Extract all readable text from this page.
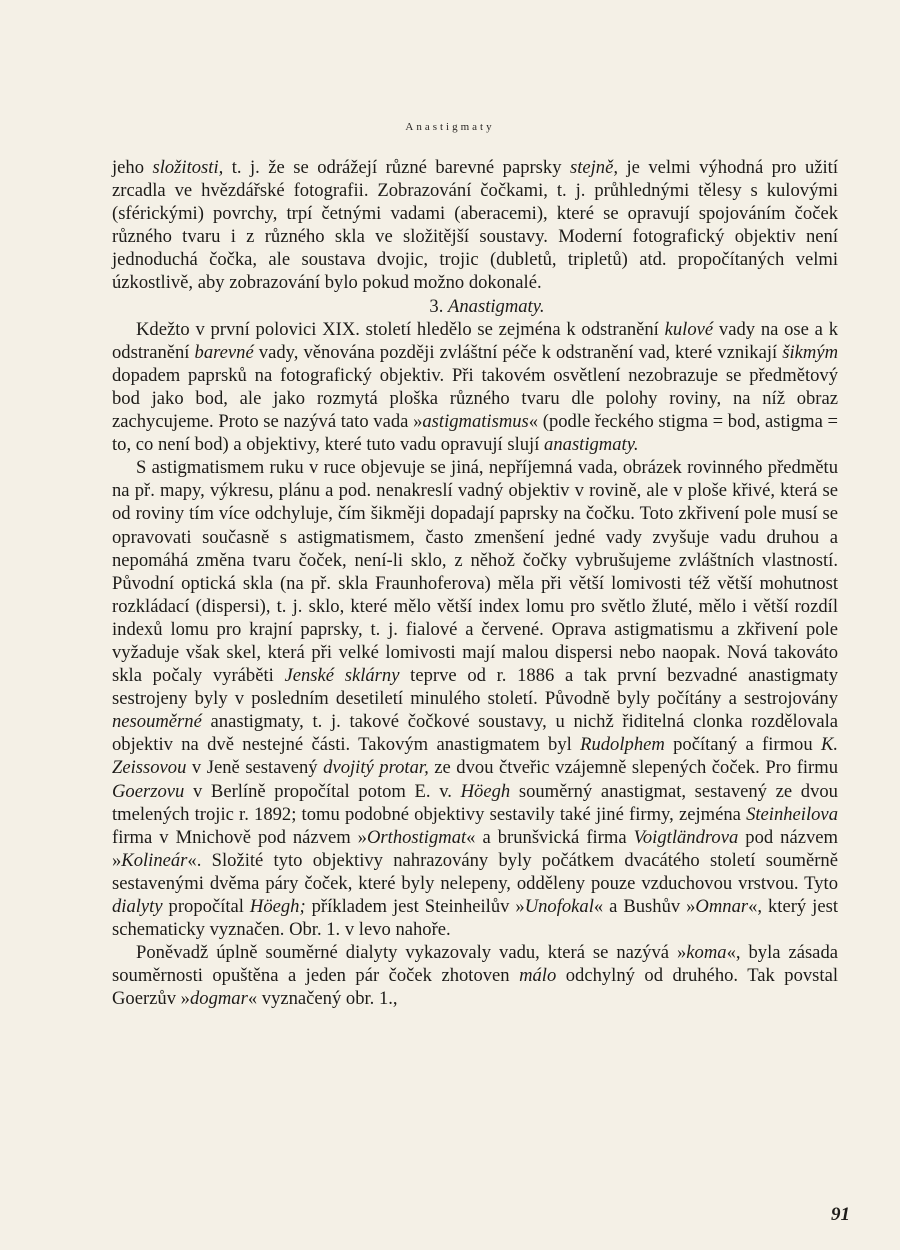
Anastigmaty

jeho složitosti, t. j. že se odrážejí různé barevné paprsky stejně, je velmi výhodná pro užití zrcadla ve hvězdářské fotografii. Zobrazování čočkami, t. j. průhlednými tělesy s kulovými (sférickými) povrchy, trpí četnými vadami (aberacemi), které se opravují spojováním čoček různého tvaru i z různého skla ve složitější soustavy. Moderní fotografický objektiv není jednoduchá čočka, ale soustava dvojic, trojic (dubletů, tripletů) atd. propočítaných velmi úzkostlivě, aby zobrazování bylo pokud možno dokonalé.

3. Anastigmaty.

Kdežto v první polovici XIX. století hledělo se zejména k odstranění kulové vady na ose a k odstranění barevné vady, věnována později zvláštní péče k odstranění vad, které vznikají šikmým dopadem paprsků na fotografický objektiv. Při takovém osvětlení nezobrazuje se předmětový bod jako bod, ale jako rozmytá ploška různého tvaru dle polohy roviny, na níž obraz zachycujeme. Proto se nazývá tato vada »astigmatismus« (podle řeckého stigma = bod, astigma = to, co není bod) a objektivy, které tuto vadu opravují slují anastigmaty.

S astigmatismem ruku v ruce objevuje se jiná, nepříjemná vada, obrázek rovinného předmětu na př. mapy, výkresu, plánu a pod. nenakreslí vadný objektiv v rovině, ale v ploše křivé, která se od roviny tím více odchyluje, čím šikměji dopadají paprsky na čočku. Toto zkřivení pole musí se opravovati současně s astigmatismem, často zmenšení jedné vady zvyšuje vadu druhou a nepomáhá změna tvaru čoček, není-li sklo, z něhož čočky vybrušujeme zvláštních vlastností. Původní optická skla (na př. skla Fraunhoferova) měla při větší lomivosti též větší mohutnost rozkládací (dispersi), t. j. sklo, které mělo větší index lomu pro světlo žluté, mělo i větší rozdíl indexů lomu pro krajní paprsky, t. j. fialové a červené. Oprava astigmatismu a zkřivení pole vyžaduje však skel, která při velké lomivosti mají malou dispersi nebo naopak. Nová takováto skla počaly vyráběti Jenské sklárny teprve od r. 1886 a tak první bezvadné anastigmaty sestrojeny byly v posledním desetiletí minulého století. Původně byly počítány a sestrojovány nesouměrné anastigmaty, t. j. takové čočkové soustavy, u nichž řiditelná clonka rozdělovala objektiv na dvě nestejné části. Takovým anastigmatem byl Rudolphem počítaný a firmou K. Zeissovou v Jeně sestavený dvojitý protar, ze dvou čtveřic vzájemně slepených čoček. Pro firmu Goerzovu v Berlíně propočítal potom E. v. Höegh souměrný anastigmat, sestavený ze dvou tmelených trojic r. 1892; tomu podobné objektivy sestavily také jiné firmy, zejména Steinheilova firma v Mnichově pod názvem »Orthostigmat« a brunšvická firma Voigtländrova pod názvem »Kolineár«. Složité tyto objektivy nahrazovány byly počátkem dvacátého století souměrně sestavenými dvěma páry čoček, které byly nelepeny, odděleny pouze vzduchovou vrstvou. Tyto dialyty propočítal Höegh; příkladem jest Steinheilův »Unofokal« a Bushův »Omnar«, který jest schematicky vyznačen. Obr. 1. v levo nahoře.

Poněvadž úplně souměrné dialyty vykazovaly vadu, která se nazývá »koma«, byla zásada souměrnosti opuštěna a jeden pár čoček zhotoven málo odchylný od druhého. Tak povstal Goerzův »dogmar« vyznačený obr. 1.,

91
